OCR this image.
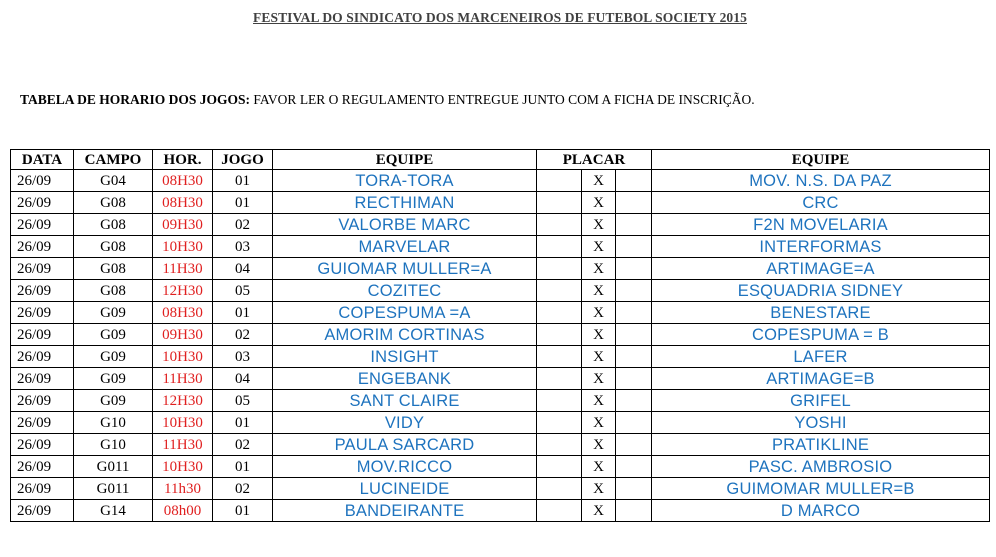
FESTIVAL DO SINDICATO DOS MARCENEIROS DE FUTEBOL SOCIETY 2015
TABELA DE HORARIO DOS JOGOS: FAVOR LER O REGULAMENTO ENTREGUE JUNTO COM A FICHA DE INSCRIÇÃO.
DATA	CAMPO	HOR.	JOGO	EQUIPE	PLACAR			EQUIPE
26/09	G04	08H30	01	TORA-TORA		X		MOV. N.S. DA PAZ
26/09	G08	08H30	01	RECTHIMAN		X		CRC
26/09	G08	09H30	02	VALORBE MARC		X		F2N MOVELARIA
26/09	G08	10H30	03	MARVELAR		X		INTERFORMAS
26/09	G08	11H30	04	GUIOMAR MULLER=A		X		ARTIMAGE=A
26/09	G08	12H30	05	COZITEC		X		ESQUADRIA SIDNEY
26/09	G09	08H30	01	COPESPUMA =A		X		BENESTARE
26/09	G09	09H30	02	AMORIM CORTINAS		X		COPESPUMA = B
26/09	G09	10H30	03	INSIGHT		X		LAFER
26/09	G09	11H30	04	ENGEBANK		X		ARTIMAGE=B
26/09	G09	12H30	05	SANT CLAIRE		X		GRIFEL
26/09	G10	10H30	01	VIDY		X		YOSHI
26/09	G10	11H30	02	PAULA SARCARD		X		PRATIKLINE
26/09	G011	10H30	01	MOV.RICCO		X		PASC. AMBROSIO
26/09	G011	11h30	02	LUCINEIDE		X		GUIMOMAR MULLER=B
26/09	G14	08h00	01	BANDEIRANTE		X		D MARCO
